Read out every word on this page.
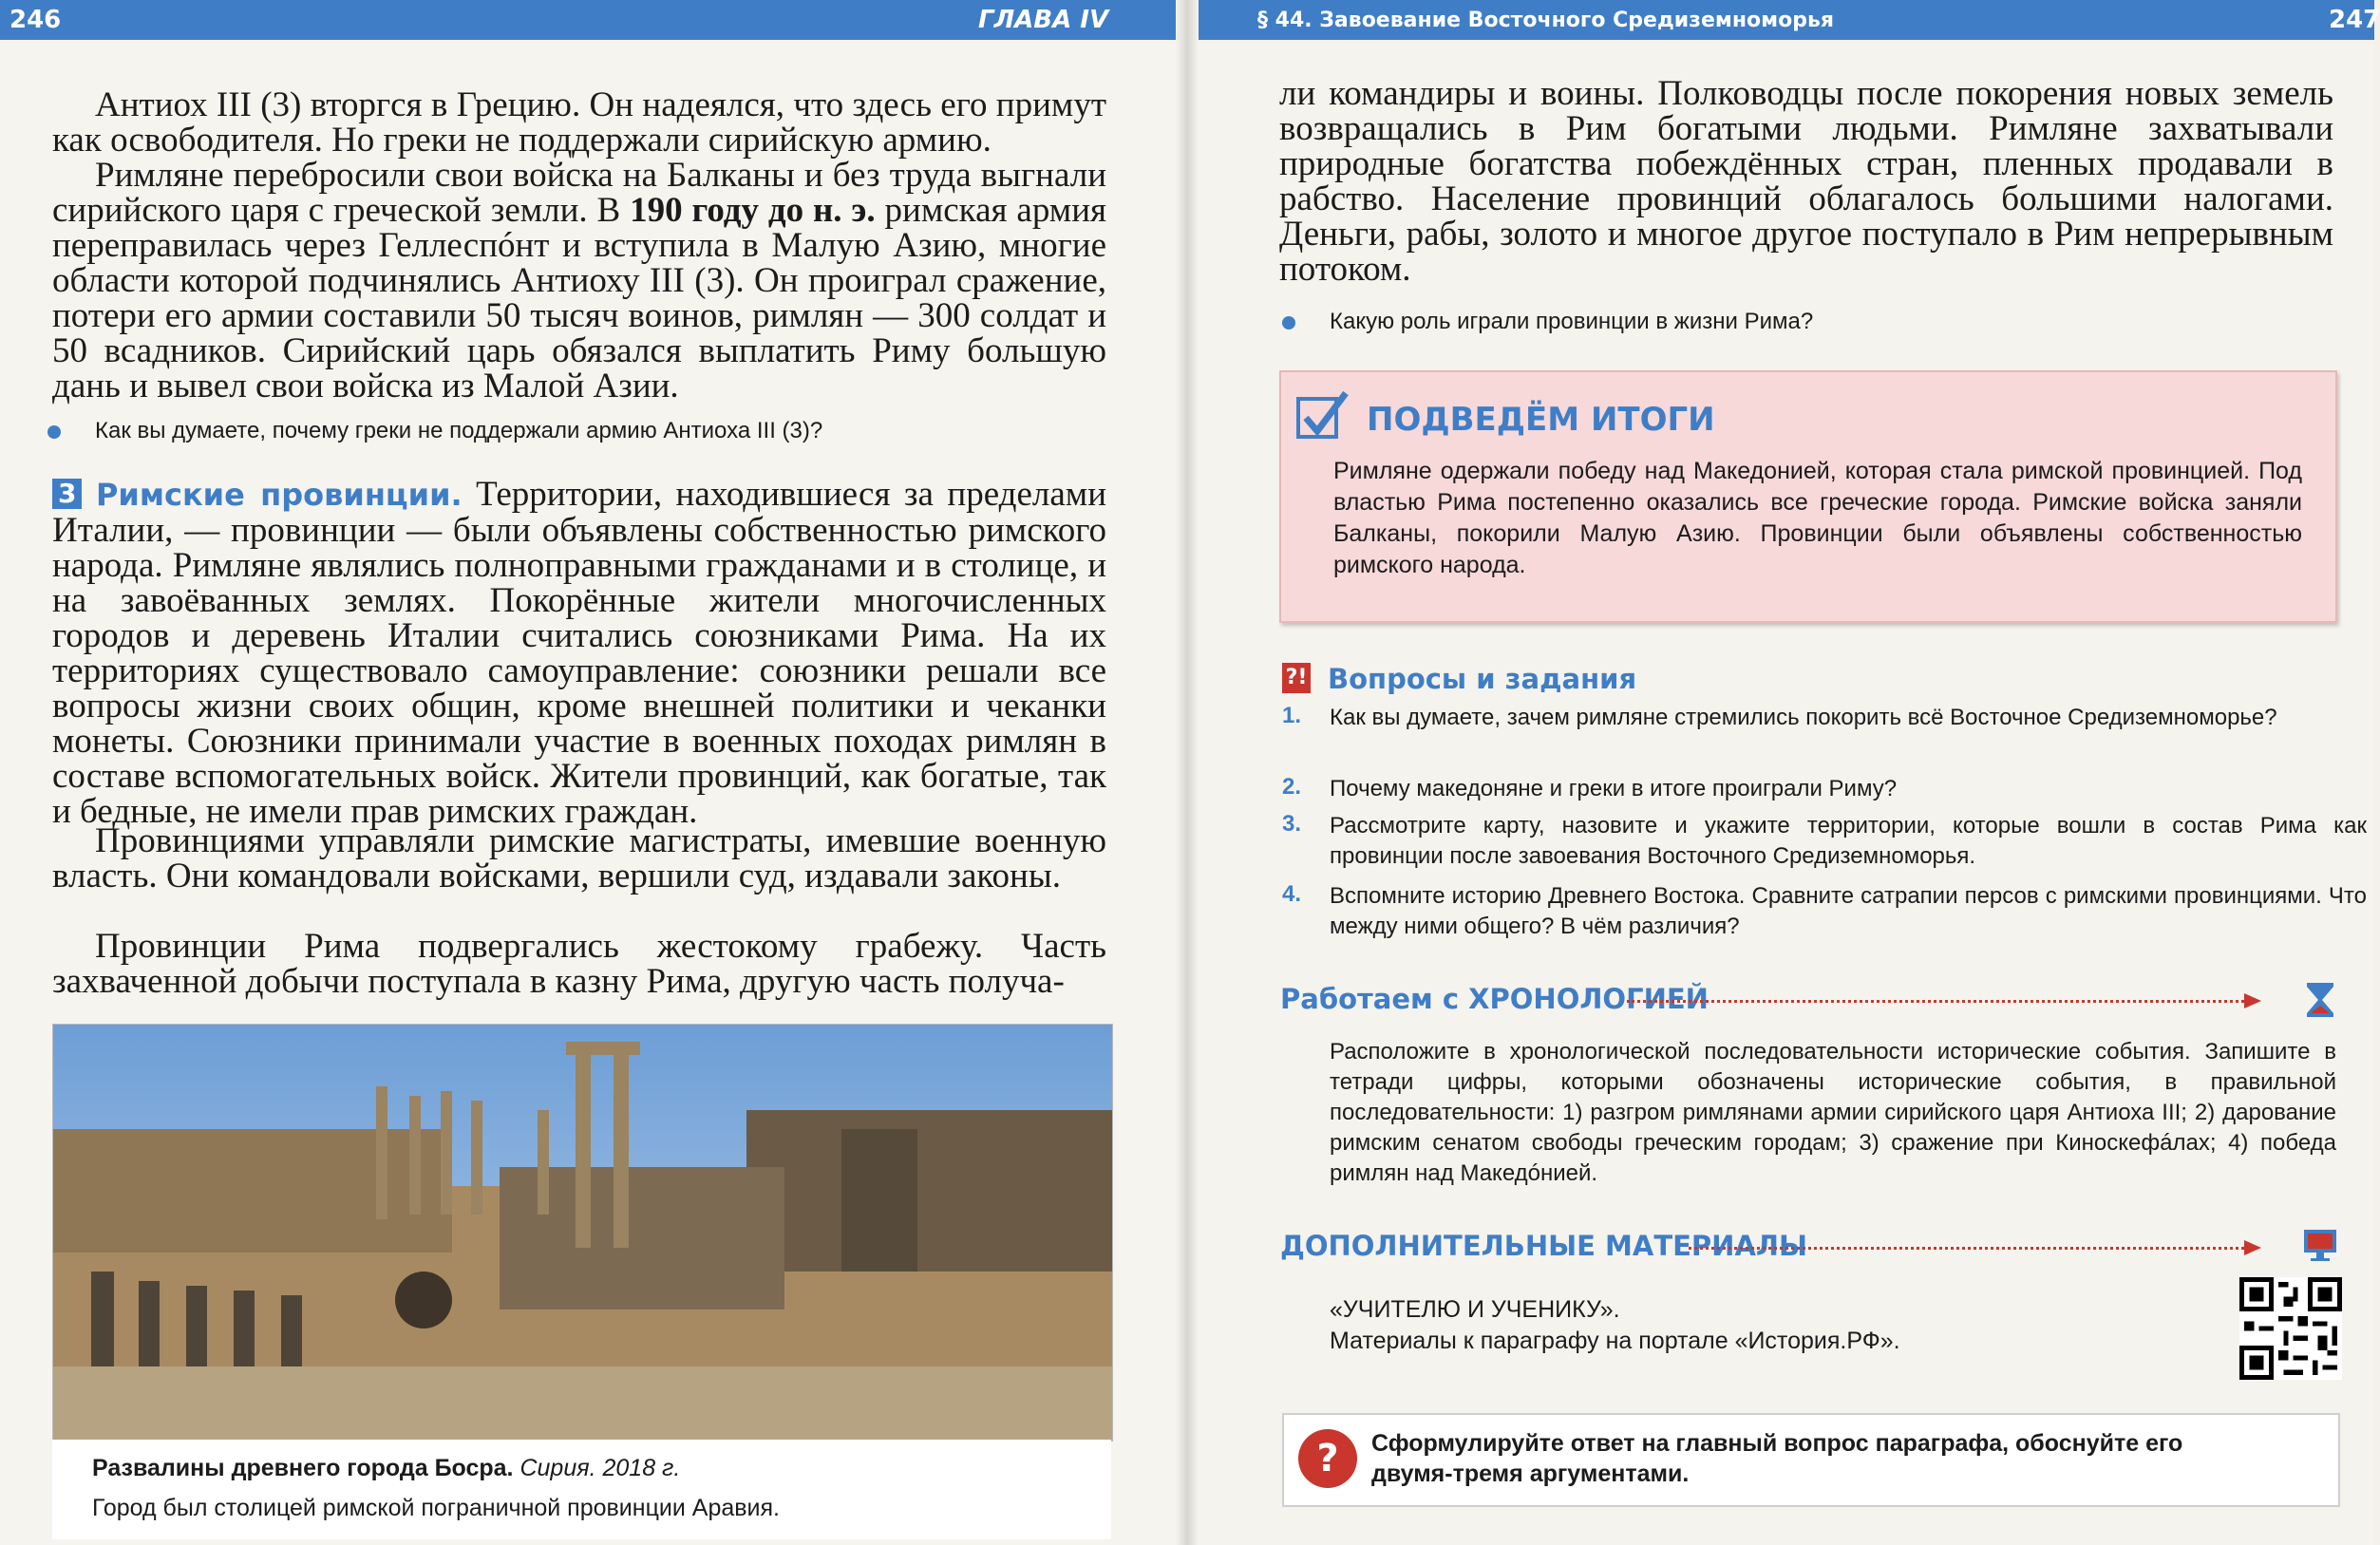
246	ГЛАВА IV

Антиох III (3) вторгся в Грецию. Он надеялся, что здесь его примут как освободителя. Но греки не поддержали сирийскую армию.

Римляне перебросили свои войска на Балканы и без труда выгнали сирийского царя с греческой земли. В 190 году до н. э. римская армия переправилась через Геллеспóнт и вступила в Малую Азию, многие области которой подчинялись Антиоху III (3). Он проиграл сражение, потери его армии составили 50 тысяч воинов, римлян — 300 солдат и 50 всадников. Сирийский царь обязался выплатить Риму большую дань и вывел свои войска из Малой Азии.

Как вы думаете, почему греки не поддержали армию Антиоха III (3)?

3 Римские провинции. Территории, находившиеся за пределами Италии, — провинции — были объявлены собственностью римского народа. Римляне являлись полноправными гражданами и в столице, и на завоёванных землях. Покорённые жители многочисленных городов и деревень Италии считались союзниками Рима. На их территориях существовало самоуправление: союзники решали все вопросы жизни своих общин, кроме внешней политики и чеканки монеты. Союзники принимали участие в военных походах римлян в составе вспомогательных войск. Жители провинций, как богатые, так и бедные, не имели прав римских граждан.

Провинциями управляли римские магистраты, имевшие военную власть. Они командовали войсками, вершили суд, издавали законы.

Провинции Рима подвергались жестокому грабежу. Часть захваченной добычи поступала в казну Рима, другую часть получа-

Развалины древнего города Босра. Сирия. 2018 г.
Город был столицей римской пограничной провинции Аравия.
§ 44. Завоевание Восточного Средиземноморья	247

ли командиры и воины. Полководцы после покорения новых земель возвращались в Рим богатыми людьми. Римляне захватывали природные богатства побеждённых стран, пленных продавали в рабство. Население провинций облагалось большими налогами. Деньги, рабы, золото и многое другое поступало в Рим непрерывным потоком.

Какую роль играли провинции в жизни Рима?
ПОДВЕДЁМ ИТОГИ
Римляне одержали победу над Македонией, которая стала римской провинцией. Под властью Рима постепенно оказались все греческие города. Римские войска заняли Балканы, покорили Малую Азию. Провинции были объявлены собственностью римского народа.
?! Вопросы и задания
1. Как вы думаете, зачем римляне стремились покорить всё Восточное Средиземноморье?
2. Почему македоняне и греки в итоге проиграли Риму?
3. Рассмотрите карту, назовите и укажите территории, которые вошли в состав Рима как провинции после завоевания Восточного Средиземноморья.
4. Вспомните историю Древнего Востока. Сравните сатрапии персов с римскими провинциями. Что между ними общего? В чём различия?
Работаем с ХРОНОЛОГИЕЙ
Расположите в хронологической последовательности исторические события. Запишите в тетради цифры, которыми обозначены исторические события, в правильной последовательности: 1) разгром римлянами армии сирийского царя Антиоха III; 2) дарование римским сенатом свободы греческим городам; 3) сражение при Киноскефáлах; 4) победа римлян над Македóнией.
ДОПОЛНИТЕЛЬНЫЕ МАТЕРИАЛЫ
«УЧИТЕЛЮ И УЧЕНИКУ».
Материалы к параграфу на портале «История.РФ».
?	Сформулируйте ответ на главный вопрос параграфа, обоснуйте его двумя-тремя аргументами.
